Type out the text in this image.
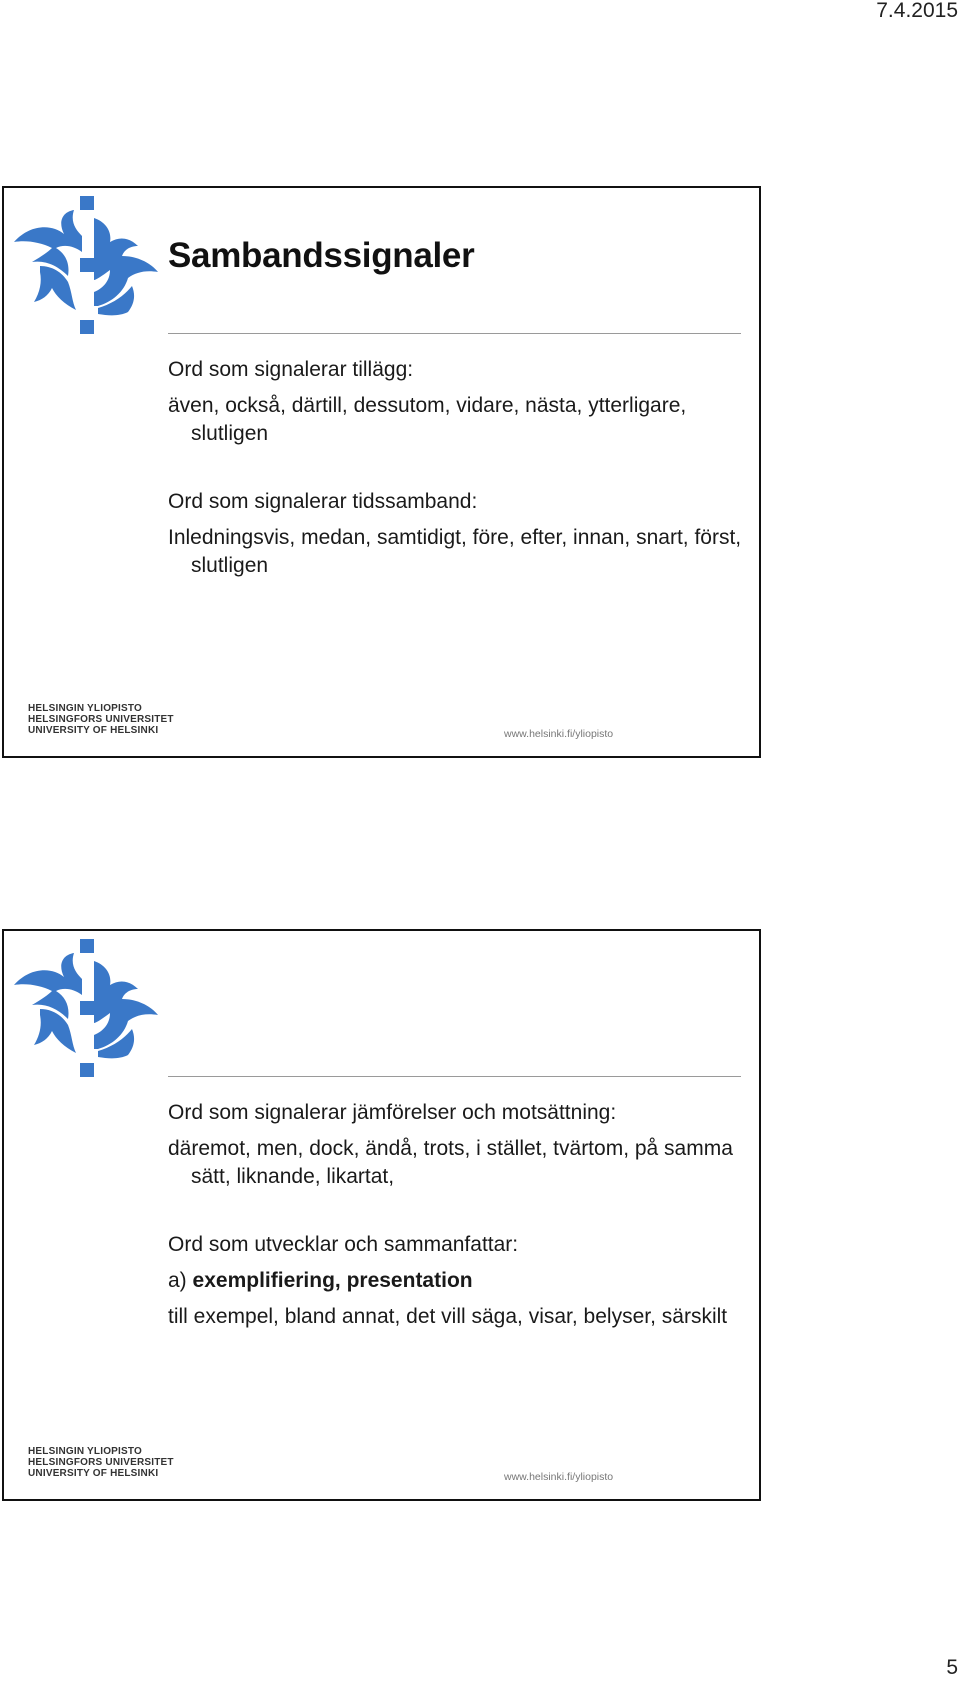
7.4.2015
Sambandssignaler
Ord som signalerar tillägg:
även, också, därtill, dessutom, vidare, nästa, ytterligare, slutligen
Ord som signalerar tidssamband:
Inledningsvis, medan, samtidigt, före, efter, innan, snart, först, slutligen
HELSINGIN YLIOPISTO
HELSINGFORS UNIVERSITET
UNIVERSITY OF HELSINKI	www.helsinki.fi/yliopisto
Ord som signalerar jämförelser och motsättning:
däremot, men, dock, ändå, trots, i stället, tvärtom, på samma sätt, liknande, likartat,
Ord som utvecklar och sammanfattar:
a) exemplifiering, presentation
till exempel, bland annat, det vill säga, visar, belyser, särskilt
HELSINGIN YLIOPISTO
HELSINGFORS UNIVERSITET
UNIVERSITY OF HELSINKI	www.helsinki.fi/yliopisto
5
